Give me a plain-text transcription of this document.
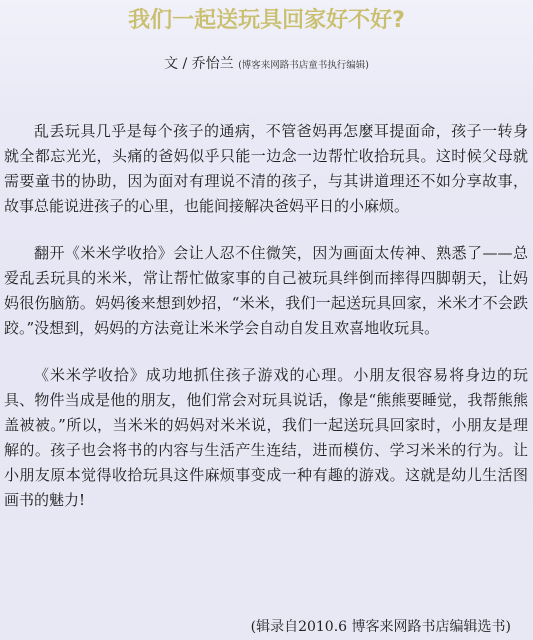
我们一起送玩具回家好不好?
文 / 乔怡兰 (博客来网路书店童书执行编辑)

乱丢玩具几乎是每个孩子的通病，不管爸妈再怎麼耳提面命，孩子一转身就全都忘光光，头痛的爸妈似乎只能一边念一边帮忙收拾玩具。这时候父母就需要童书的协助，因为面对有理说不清的孩子，与其讲道理还不如分享故事，故事总能说进孩子的心里，也能间接解决爸妈平日的小麻烦。

翻开《米米学收拾》会让人忍不住微笑，因为画面太传神、熟悉了——总爱乱丢玩具的米米，常让帮忙做家事的自己被玩具绊倒而摔得四脚朝天，让妈妈很伤脑筋。妈妈後来想到妙招，“米米，我们一起送玩具回家，米米才不会跌跤。”没想到，妈妈的方法竟让米米学会自动自发且欢喜地收玩具。

《米米学收拾》成功地抓住孩子游戏的心理。小朋友很容易将身边的玩具、物件当成是他的朋友，他们常会对玩具说话，像是“熊熊要睡觉，我帮熊熊盖被被。”所以，当米米的妈妈对米米说，我们一起送玩具回家时，小朋友是理解的。孩子也会将书的内容与生活产生连结，进而模仿、学习米米的行为。让小朋友原本觉得收拾玩具这件麻烦事变成一种有趣的游戏。这就是幼儿生活图画书的魅力!

(辑录自2010.6 博客来网路书店编辑选书)
